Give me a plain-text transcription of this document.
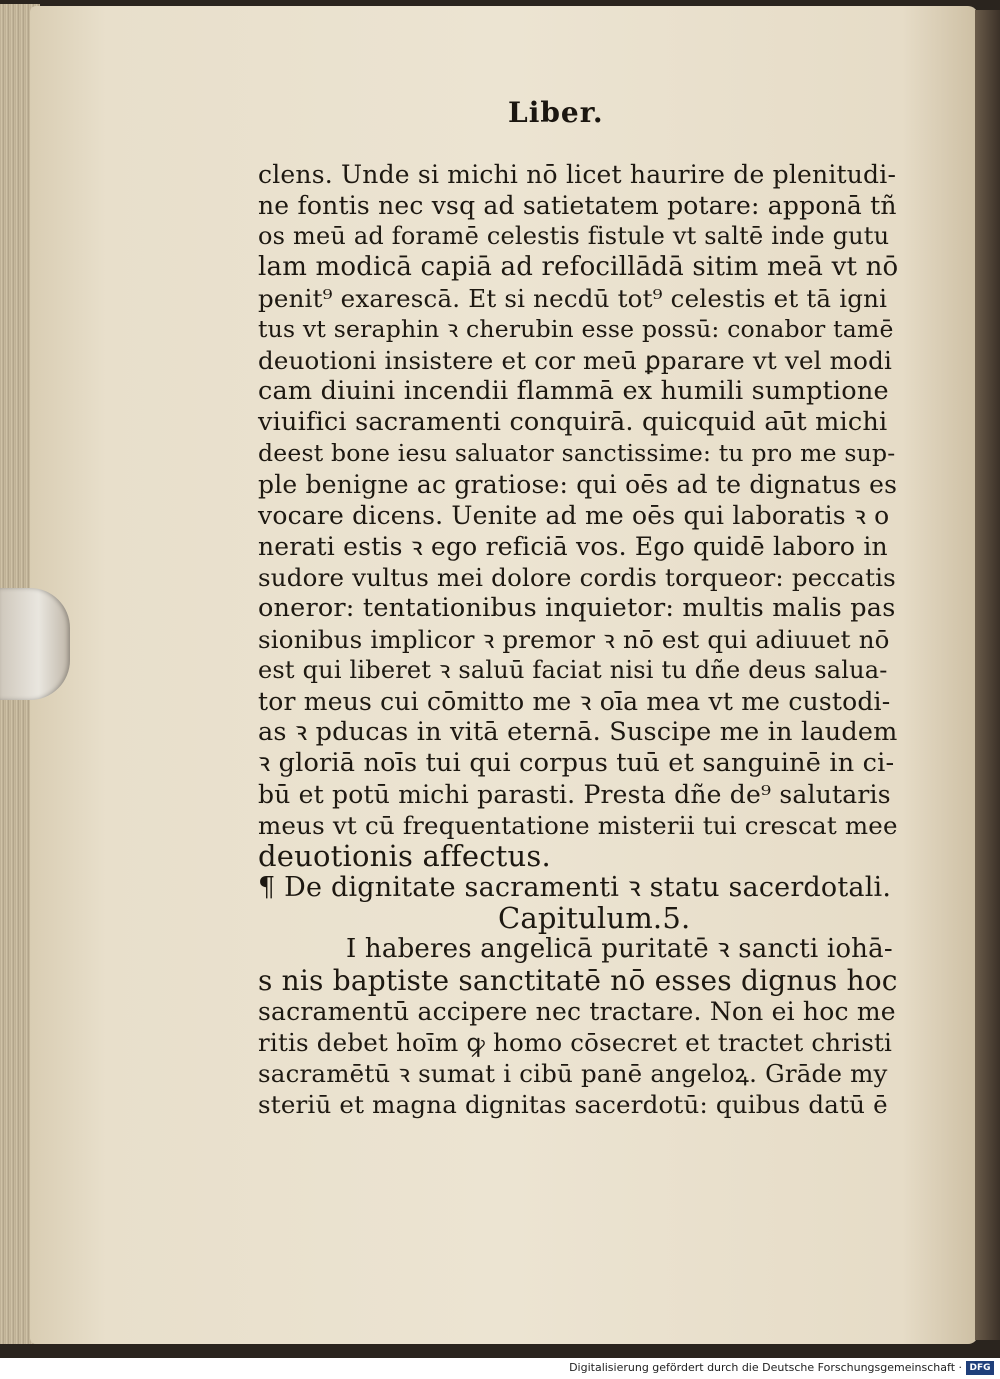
Liber.
clens. Unde si michi nō licet haurire de plenitudi-
ne fontis nec vsq ad satietatem potare: apponā tñ
os meū ad foramē celestis fistule vt saltē inde gutu
lam modicā capiā ad refocillādā sitim meā vt nō
penit⁹ exarescā. Et si necdū tot⁹ celestis et tā igni
tus vt seraphin ꝛ cherubin esse possū: conabor tamē
deuotioni insistere et cor meū ꝑparare vt vel modi
cam diuini incendii flammā ex humili sumptione
viuifici sacramenti conquirā. quicquid aūt michi
deest bone iesu saluator sanctissime: tu pro me sup-
ple benigne ac gratiose: qui oēs ad te dignatus es
vocare dicens. Uenite ad me oēs qui laboratis ꝛ o
nerati estis ꝛ ego reficiā vos. Ego quidē laboro in
sudore vultus mei dolore cordis torqueor: peccatis
oneror: tentationibus inquietor: multis malis pas
sionibus implicor ꝛ premor ꝛ nō est qui adiuuet nō
est qui liberet ꝛ saluū faciat nisi tu dñe deus salua-
tor meus cui cōmitto me ꝛ oīa mea vt me custodi-
as ꝛ pducas in vitā eternā. Suscipe me in laudem
ꝛ gloriā noīs tui qui corpus tuū et sanguinē in ci-
bū et potū michi parasti. Presta dñe de⁹ salutaris
meus vt cū frequentatione misterii tui crescat mee
deuotionis affectus.
¶ De dignitate sacramenti ꝛ statu sacerdotali.
Capitulum.5.
I haberes angelicā puritatē ꝛ sancti iohā-
s nis baptiste sanctitatē nō esses dignus hoc
sacramentū accipere nec tractare. Non ei hoc me
ritis debet hoīm ꝙ homo cōsecret et tractet christi
sacramētū ꝛ sumat i cibū panē angeloꝝ. Grāde my
steriū et magna dignitas sacerdotū: quibus datū ē
Digitalisierung gefördert durch die Deutsche Forschungsgemeinschaft · DFG
